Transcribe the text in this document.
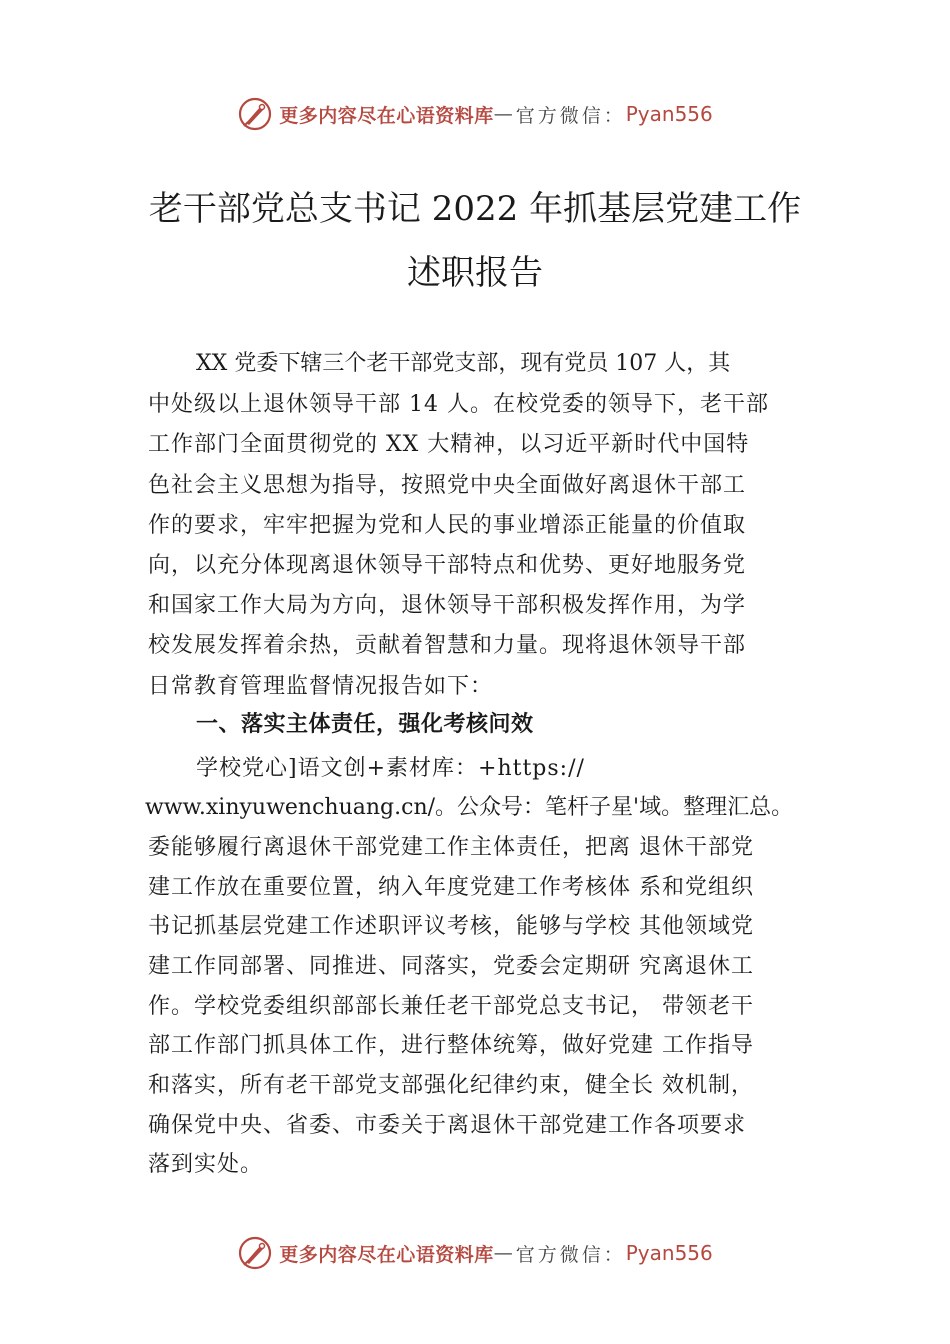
更多内容尽在心语资料库 — 官方微信： Pyan556
老干部党总支书记 2022 年抓基层党建工作
述职报告
XX 党委下辖三个老干部党支部，现有党员 107 人，其
中处级以上退休领导干部 14 人。在校党委的领导下，老干部
工作部门全面贯彻党的 XX 大精神，以习近平新时代中国特
色社会主义思想为指导，按照党中央全面做好离退休干部工
作的要求，牢牢把握为党和人民的事业增添正能量的价值取
向，以充分体现离退休领导干部特点和优势、更好地服务党
和国家工作大局为方向，退休领导干部积极发挥作用，为学
校发展发挥着余热，贡献着智慧和力量。现将退休领导干部
日常教育管理监督情况报告如下：
一、落实主体责任，强化考核问效
学校党心]语文创+素材库：+https://
www.xinyuwenchuang.cn/。公众号：笔杆子星'域。整理汇总。
委能够履行离退休干部党建工作主体责任，把离 退休干部党
建工作放在重要位置，纳入年度党建工作考核体 系和党组织
书记抓基层党建工作述职评议考核，能够与学校 其他领域党
建工作同部署、同推进、同落实，党委会定期研 究离退休工
作。学校党委组织部部长兼任老干部党总支书记， 带领老干
部工作部门抓具体工作，进行整体统筹，做好党建 工作指导
和落实，所有老干部党支部强化纪律约束，健全长 效机制，
确保党中央、省委、市委关于离退休干部党建工作各项要求
落到实处。
更多内容尽在心语资料库 — 官方微信： Pyan556
